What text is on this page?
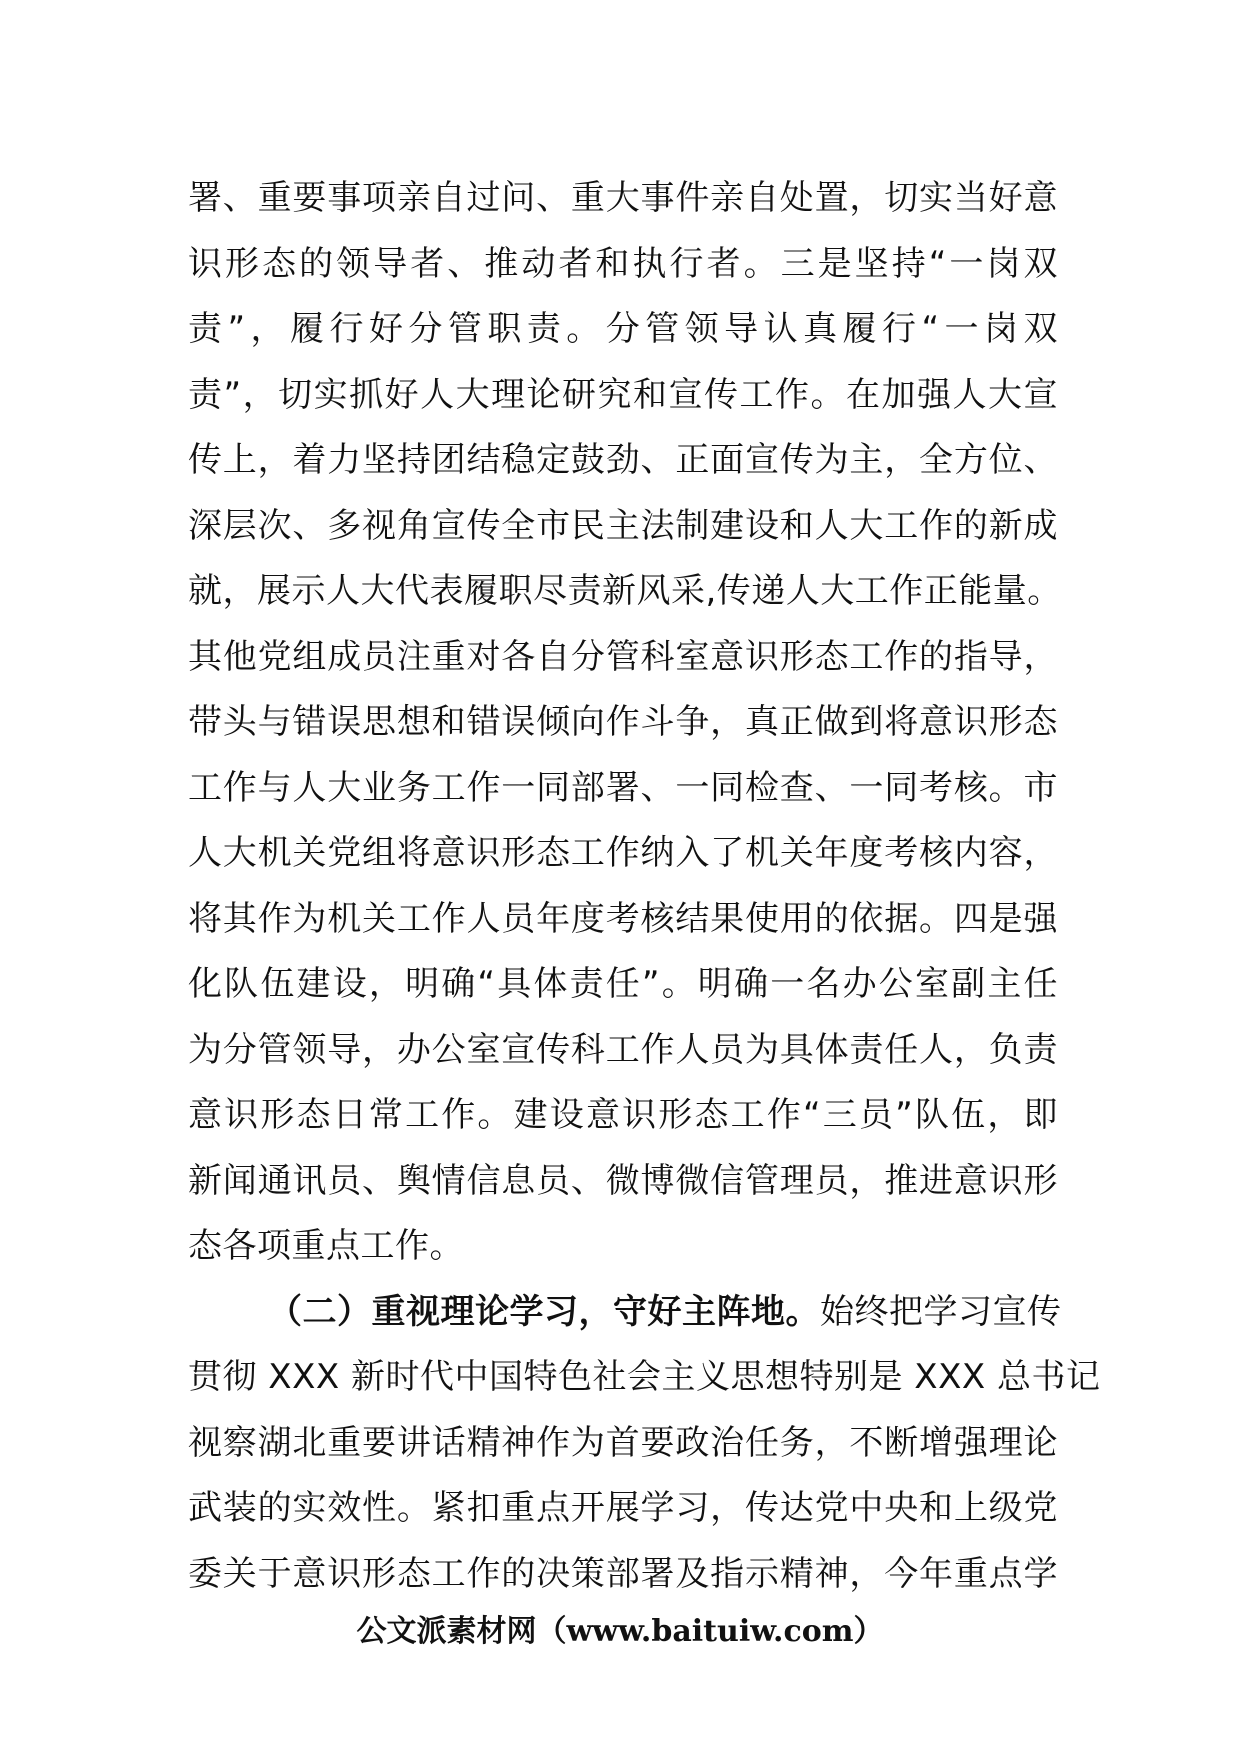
署、重要事项亲自过问、重大事件亲自处置，切实当好意
识形态的领导者、推动者和执行者。三是坚持“一岗双
责”，履行好分管职责。分管领导认真履行“一岗双
责”，切实抓好人大理论研究和宣传工作。在加强人大宣
传上，着力坚持团结稳定鼓劲、正面宣传为主，全方位、
深层次、多视角宣传全市民主法制建设和人大工作的新成
就，展示人大代表履职尽责新风采,传递人大工作正能量。
其他党组成员注重对各自分管科室意识形态工作的指导，
带头与错误思想和错误倾向作斗争，真正做到将意识形态
工作与人大业务工作一同部署、一同检查、一同考核。市
人大机关党组将意识形态工作纳入了机关年度考核内容，
将其作为机关工作人员年度考核结果使用的依据。四是强
化队伍建设，明确“具体责任”。明确一名办公室副主任
为分管领导，办公室宣传科工作人员为具体责任人，负责
意识形态日常工作。建设意识形态工作“三员”队伍，即
新闻通讯员、舆情信息员、微博微信管理员，推进意识形
态各项重点工作。
（二）重视理论学习，守好主阵地。始终把学习宣传
贯彻 XXX 新时代中国特色社会主义思想特别是 XXX 总书记
视察湖北重要讲话精神作为首要政治任务，不断增强理论
武装的实效性。紧扣重点开展学习，传达党中央和上级党
委关于意识形态工作的决策部署及指示精神，今年重点学
公文派素材网（www.baituiw.com）
